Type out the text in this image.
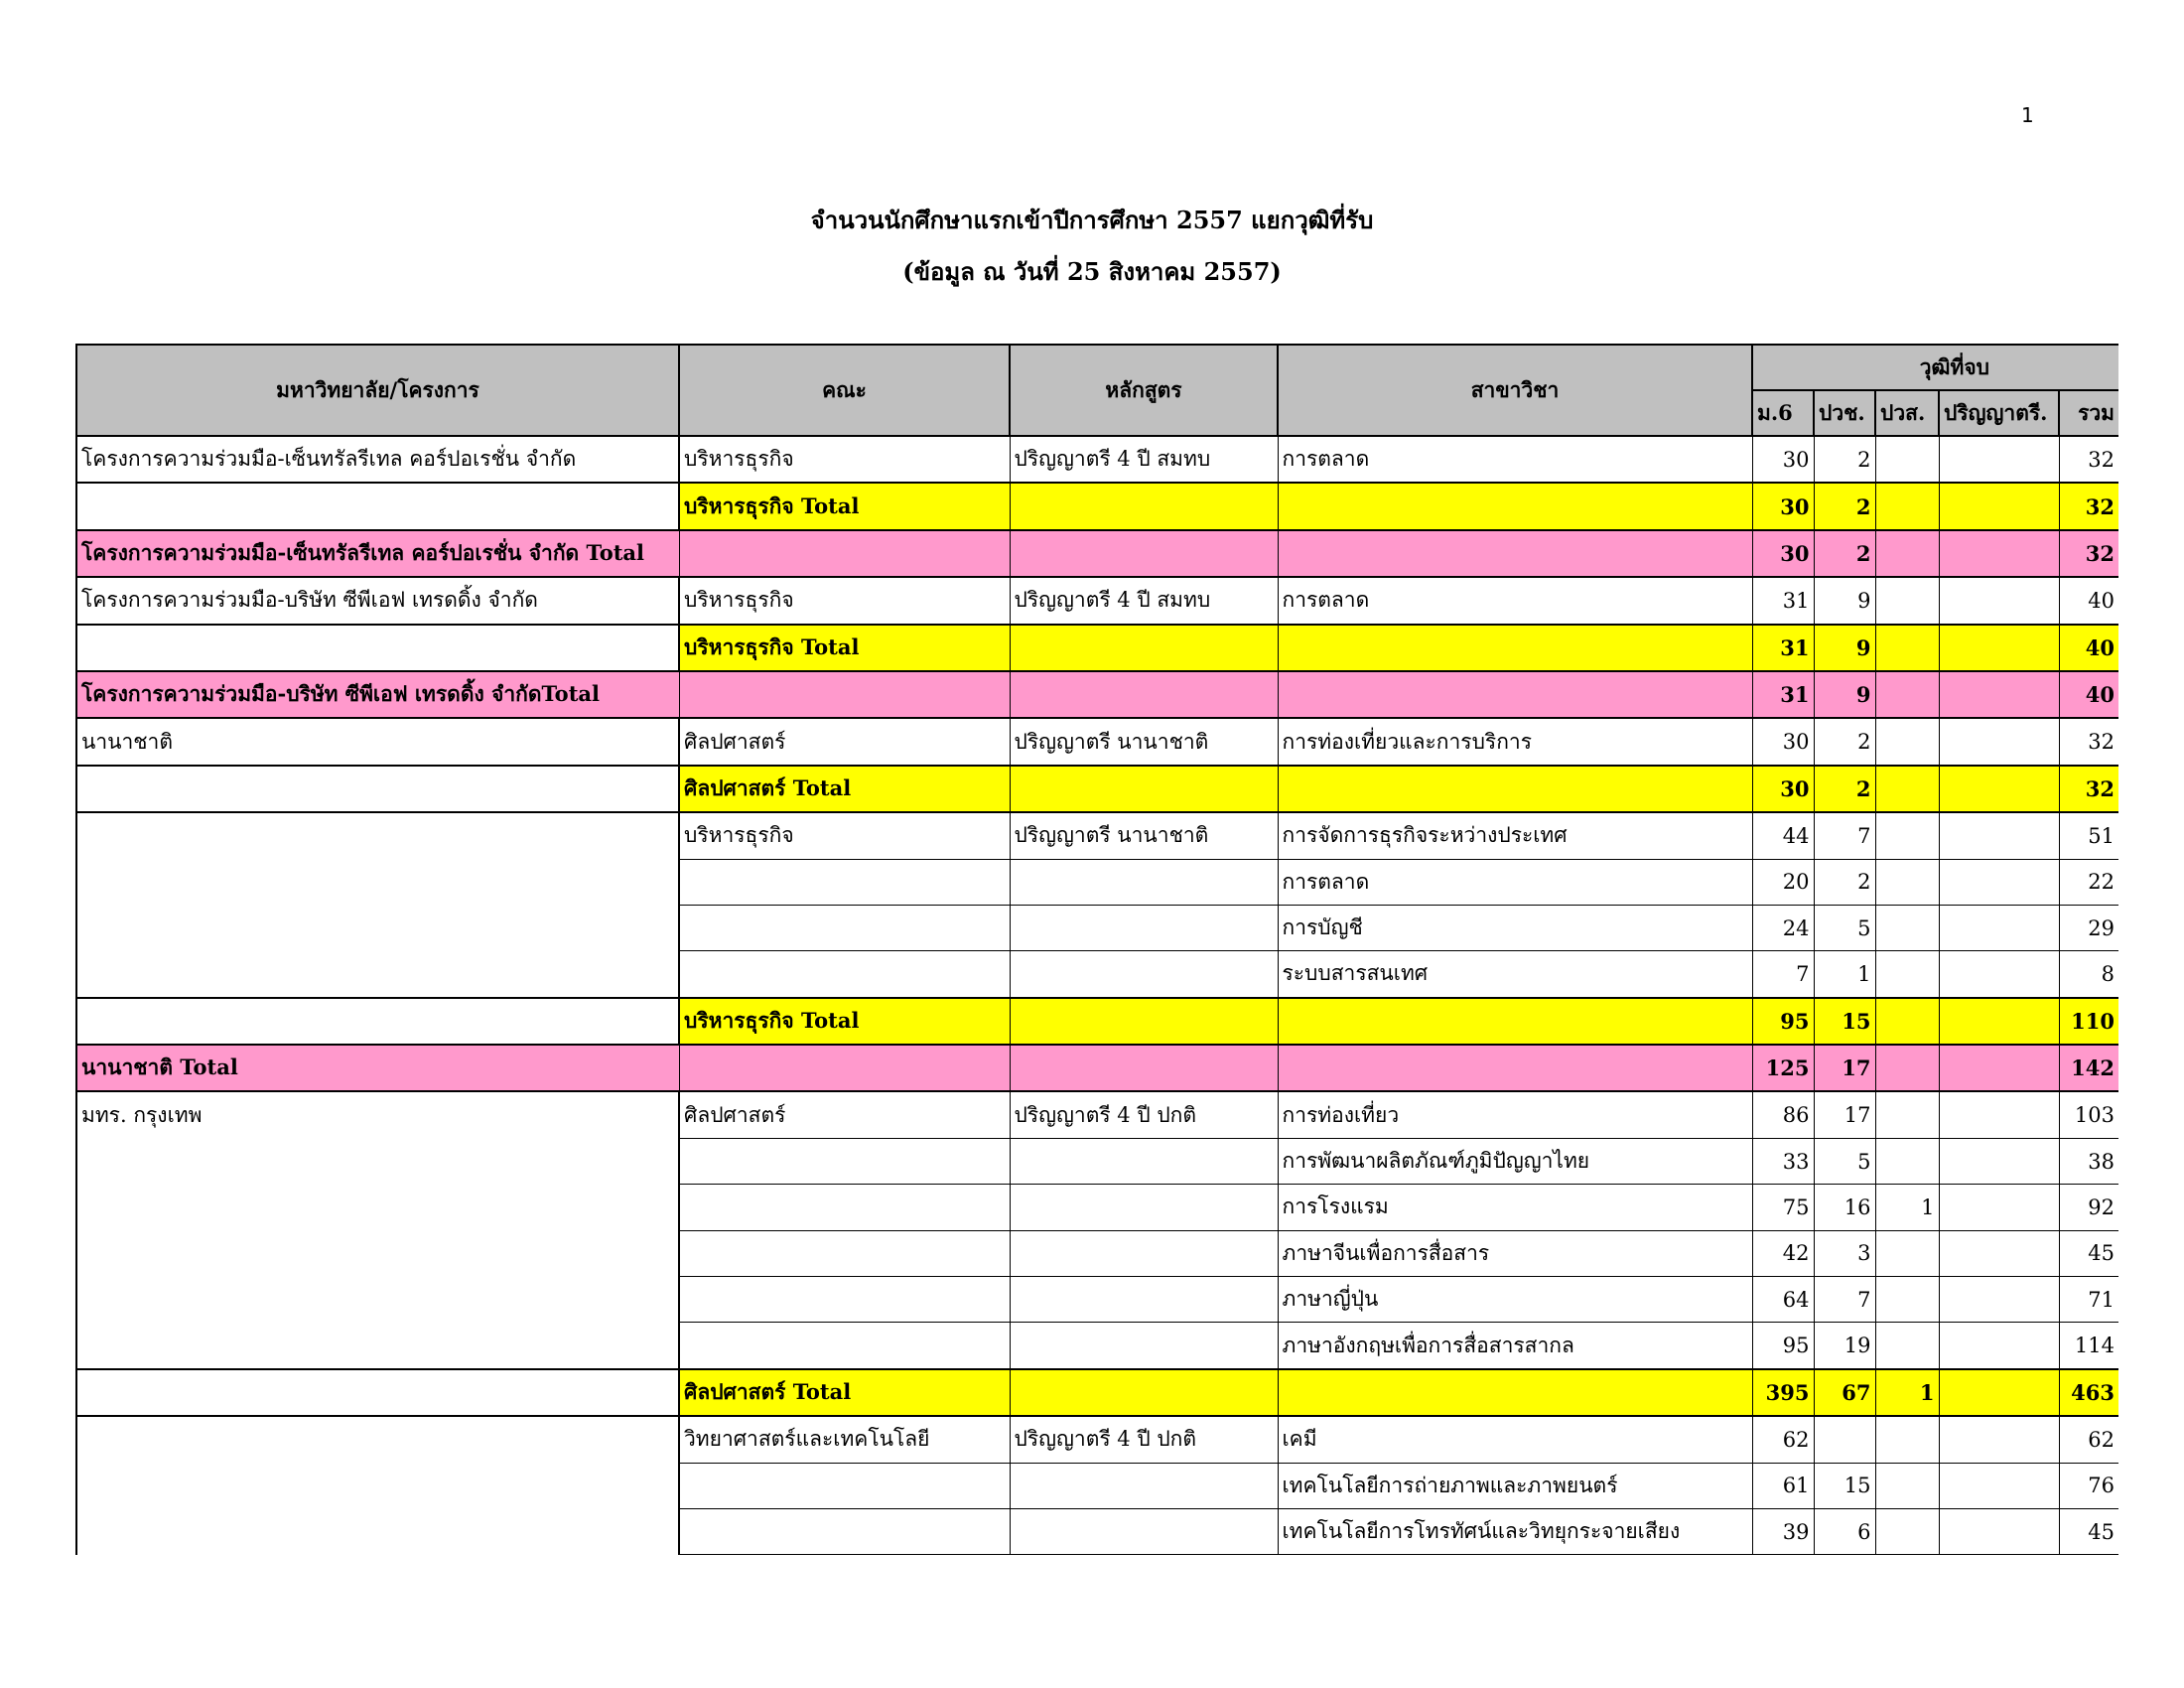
1
จำนวนนักศึกษาแรกเข้าปีการศึกษา 2557 แยกวุฒิที่รับ
(ข้อมูล ณ วันที่ 25 สิงหาคม 2557)
มหาวิทยาลัย/โครงการ	คณะ	หลักสูตร	สาขาวิชา	วุฒิที่จบ				
				ม.6	ปวช.	ปวส.	ปริญญาตรี.	รวม
โครงการความร่วมมือ-เซ็นทรัลรีเทล คอร์ปอเรชั่น จำกัด	บริหารธุรกิจ	ปริญญาตรี 4 ปี สมทบ	การตลาด	30	2			32
	บริหารธุรกิจ Total			30	2			32
โครงการความร่วมมือ-เซ็นทรัลรีเทล คอร์ปอเรชั่น จำกัด Total				30	2			32
โครงการความร่วมมือ-บริษัท ซีพีเอฟ เทรดดิ้ง จำกัด	บริหารธุรกิจ	ปริญญาตรี 4 ปี สมทบ	การตลาด	31	9			40
	บริหารธุรกิจ Total			31	9			40
โครงการความร่วมมือ-บริษัท ซีพีเอฟ เทรดดิ้ง จำกัดTotal				31	9			40
นานาชาติ	ศิลปศาสตร์	ปริญญาตรี นานาชาติ	การท่องเที่ยวและการบริการ	30	2			32
	ศิลปศาสตร์ Total			30	2			32
	บริหารธุรกิจ	ปริญญาตรี นานาชาติ	การจัดการธุรกิจระหว่างประเทศ	44	7			51
			การตลาด	20	2			22
			การบัญชี	24	5			29
			ระบบสารสนเทศ	7	1			8
	บริหารธุรกิจ Total			95	15			110
นานาชาติ Total				125	17			142
มทร. กรุงเทพ	ศิลปศาสตร์	ปริญญาตรี 4 ปี ปกติ	การท่องเที่ยว	86	17			103
			การพัฒนาผลิตภัณฑ์ภูมิปัญญาไทย	33	5			38
			การโรงแรม	75	16	1		92
			ภาษาจีนเพื่อการสื่อสาร	42	3			45
			ภาษาญี่ปุ่น	64	7			71
			ภาษาอังกฤษเพื่อการสื่อสารสากล	95	19			114
	ศิลปศาสตร์ Total			395	67	1		463
	วิทยาศาสตร์และเทคโนโลยี	ปริญญาตรี 4 ปี ปกติ	เคมี	62				62
			เทคโนโลยีการถ่ายภาพและภาพยนตร์	61	15			76
			เทคโนโลยีการโทรทัศน์และวิทยุกระจายเสียง	39	6			45
